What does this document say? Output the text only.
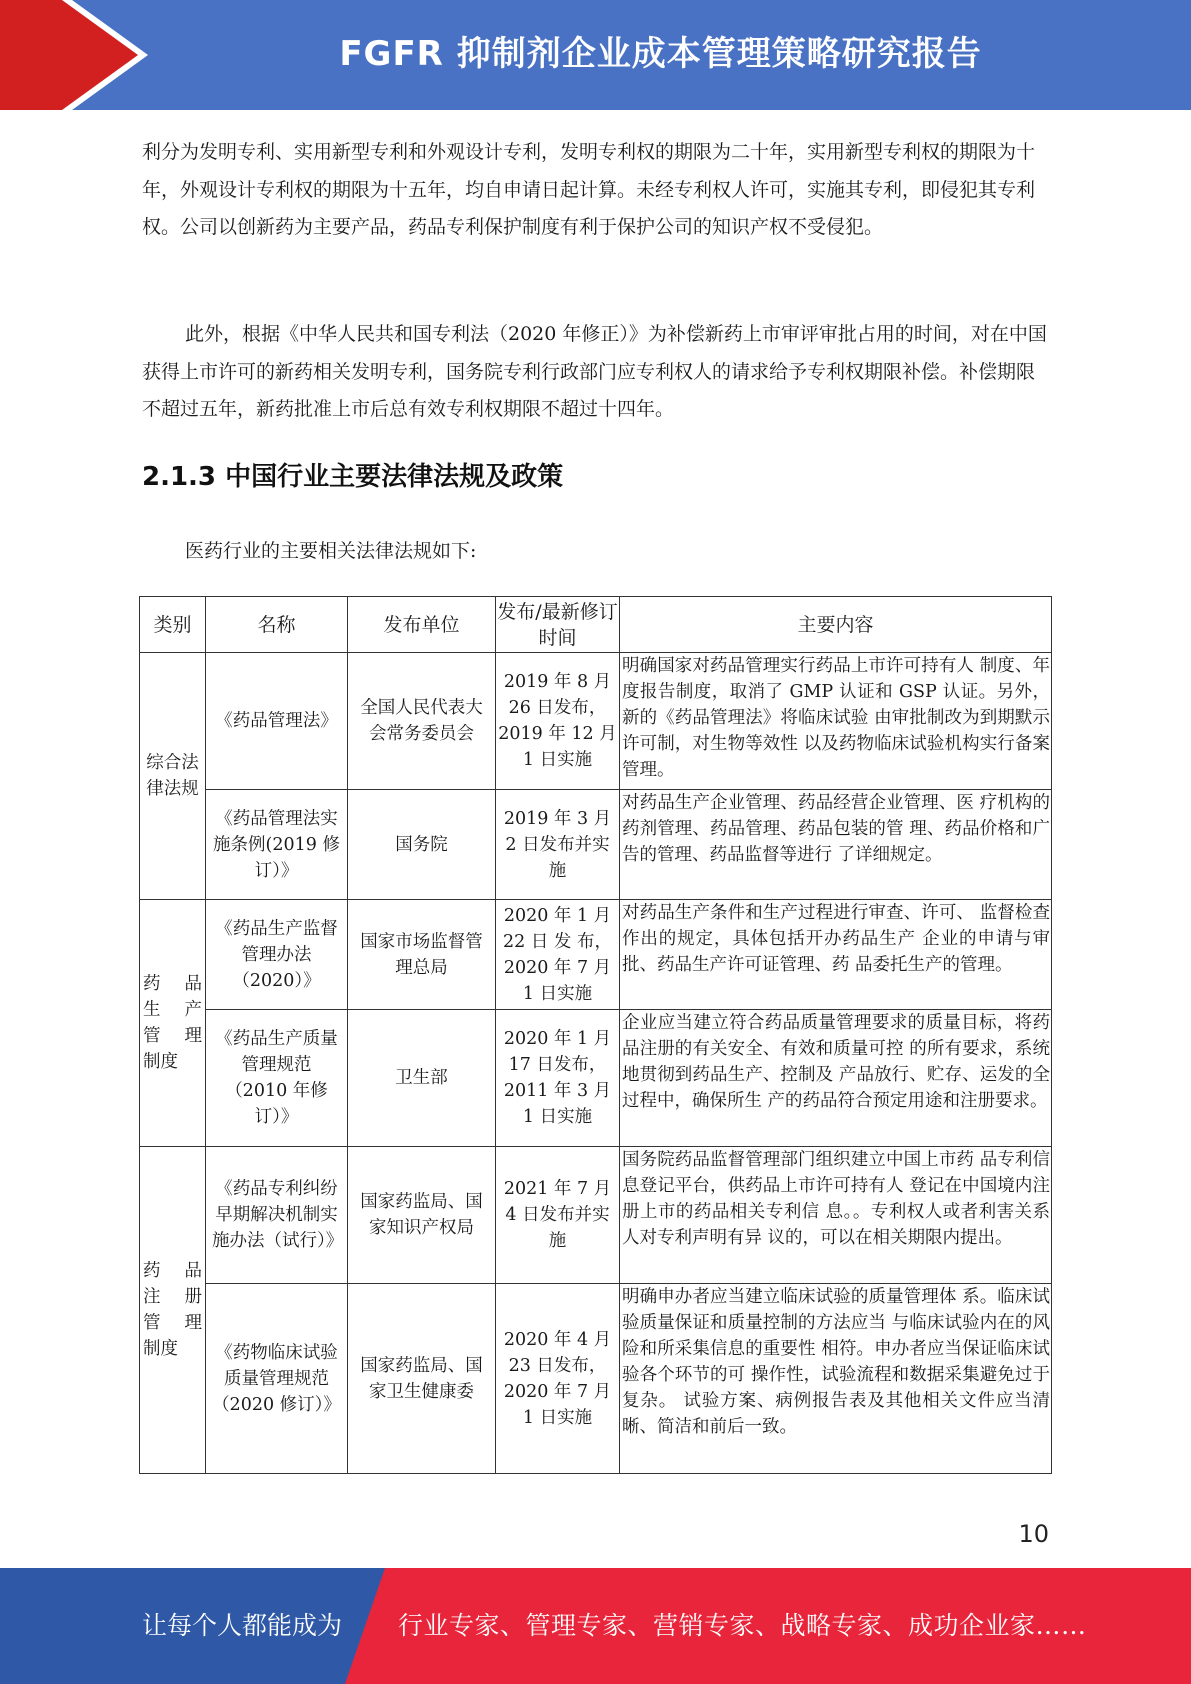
FGFR 抑制剂企业成本管理策略研究报告

利分为发明专利、实用新型专利和外观设计专利，发明专利权的期限为二十年，实用新型专利权的期限为十年，外观设计专利权的期限为十五年，均自申请日起计算。未经专利权人许可，实施其专利，即侵犯其专利权。公司以创新药为主要产品，药品专利保护制度有利于保护公司的知识产权不受侵犯。

此外，根据《中华人民共和国专利法（2020 年修正）》为补偿新药上市审评审批占用的时间，对在中国获得上市许可的新药相关发明专利，国务院专利行政部门应专利权人的请求给予专利权期限补偿。补偿期限不超过五年，新药批准上市后总有效专利权期限不超过十四年。

2.1.3 中国行业主要法律法规及政策

医药行业的主要相关法律法规如下:

类别	名称	发布单位	发布/最新修订时间	主要内容
综合法律法规	《药品管理法》	全国人民代表大会常务委员会	2019 年 8 月 26 日发布，2019 年 12 月 1 日实施	明确国家对药品管理实行药品上市许可持有人 制度、年度报告制度，取消了 GMP 认证和 GSP 认证。另外，新的《药品管理法》将临床试验 由审批制改为到期默示许可制，对生物等效性 以及药物临床试验机构实行备案管理。
	《药品管理法实施条例(2019 修订）》	国务院	2019 年 3 月 2 日发布并实施	对药品生产企业管理、药品经营企业管理、医 疗机构的药剂管理、药品管理、药品包装的管 理、药品价格和广告的管理、药品监督等进行 了详细规定。
药 品 生 产 管 理 制度	《药品生产监督管理办法（2020）》	国家市场监督管理总局	2020 年 1 月 22 日 发 布，2020 年 7 月 1 日实施	对药品生产条件和生产过程进行审查、许可、 监督检查作出的规定，具体包括开办药品生产 企业的申请与审批、药品生产许可证管理、药 品委托生产的管理。
	《药品生产质量管理规范（2010 年修订）》	卫生部	2020 年 1 月 17 日发布，2011 年 3 月 1 日实施	企业应当建立符合药品质量管理要求的质量目标，将药品注册的有关安全、有效和质量可控 的所有要求，系统地贯彻到药品生产、控制及 产品放行、贮存、运发的全过程中，确保所生 产的药品符合预定用途和注册要求。
药 品 注 册 管 理 制度	《药品专利纠纷早期解决机制实施办法（试行）》	国家药监局、国家知识产权局	2021 年 7 月 4 日发布并实施	国务院药品监督管理部门组织建立中国上市药 品专利信息登记平台，供药品上市许可持有人 登记在中国境内注册上市的药品相关专利信 息。。专利权人或者利害关系人对专利声明有异 议的，可以在相关期限内提出。
	《药物临床试验质量管理规范（2020 修订）》	国家药监局、国家卫生健康委	2020 年 4 月 23 日发布，2020 年 7 月 1 日实施	明确申办者应当建立临床试验的质量管理体 系。临床试验质量保证和质量控制的方法应当 与临床试验内在的风险和所采集信息的重要性 相符。申办者应当保证临床试验各个环节的可 操作性，试验流程和数据采集避免过于复杂。 试验方案、病例报告表及其他相关文件应当清 晰、简洁和前后一致。
10
让每个人都能成为 行业专家、管理专家、营销专家、战略专家、成功企业家……
